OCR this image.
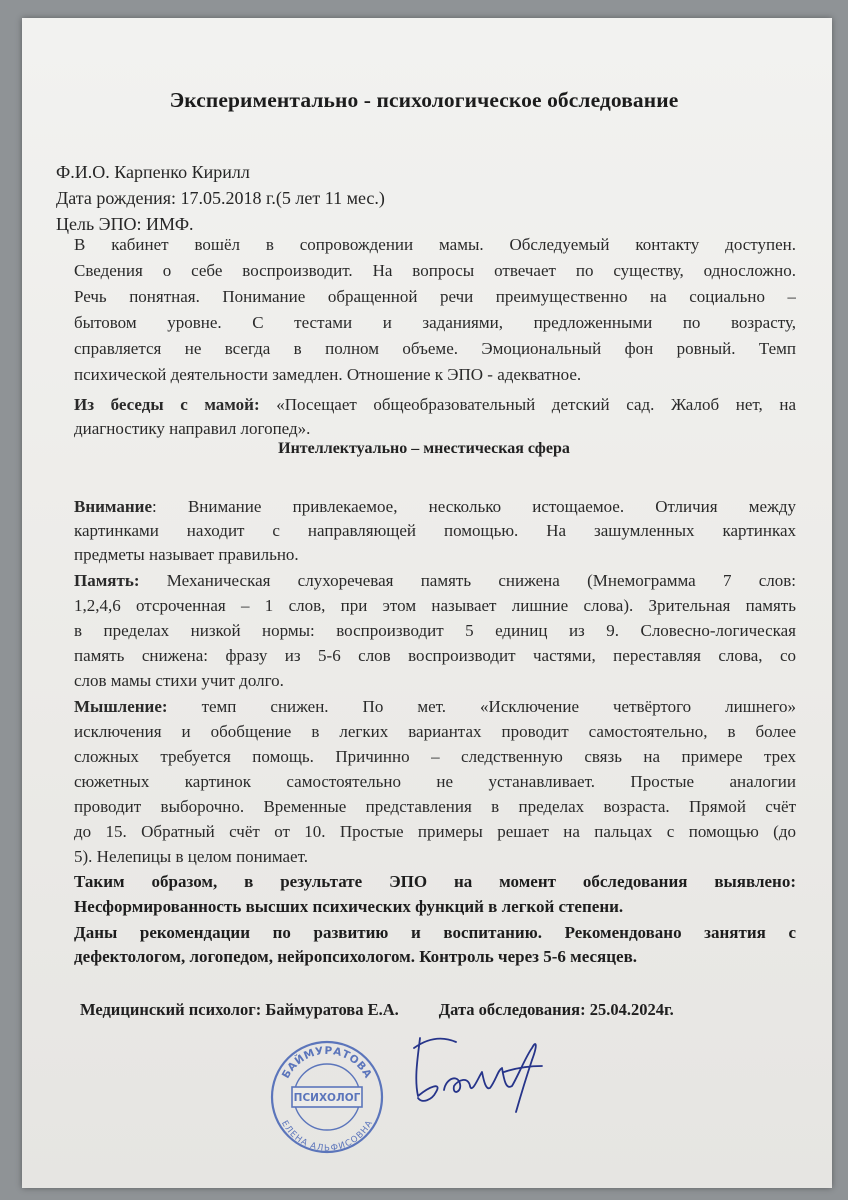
Экспериментально - психологическое обследование
Ф.И.О. Карпенко Кирилл
Дата рождения: 17.05.2018 г.(5 лет 11 мес.)
Цель ЭПО: ИМФ.
В кабинет вошёл в сопровождении мамы. Обследуемый контакту доступен.
Сведения о себе воспроизводит. На вопросы отвечает по существу, односложно.
Речь понятная. Понимание обращенной речи преимущественно на социально –
бытовом уровне. С тестами и заданиями, предложенными по возрасту,
справляется не всегда в полном объеме. Эмоциональный фон ровный. Темп
психической деятельности замедлен. Отношение к ЭПО - адекватное.
Из беседы с мамой: «Посещает общеобразовательный детский сад. Жалоб нет, на
диагностику направил логопед».
Внимание: Внимание привлекаемое, несколько истощаемое. Отличия между
картинками находит с направляющей помощью. На зашумленных картинках
предметы называет правильно.
Память: Механическая слухоречевая память снижена (Мнемограмма 7 слов:
1,2,4,6 отсроченная – 1 слов, при этом называет лишние слова). Зрительная память
в пределах низкой нормы: воспроизводит 5 единиц из 9. Словесно-логическая
память снижена: фразу из 5-6 слов воспроизводит частями, переставляя слова, со
слов мамы стихи учит долго.
Мышление: темп снижен. По мет. «Исключение четвёртого лишнего»
исключения и обобщение в легких вариантах проводит самостоятельно, в более
сложных требуется помощь. Причинно – следственную связь на примере трех
сюжетных картинок самостоятельно не устанавливает. Простые аналогии
проводит выборочно. Временные представления в пределах возраста. Прямой счёт
до 15. Обратный счёт от 10. Простые примеры решает на пальцах с помощью (до
5). Нелепицы в целом понимает.
Таким образом, в результате ЭПО на момент обследования выявлено:
Несформированность высших психических функций в легкой степени.
Даны рекомендации по развитию и воспитанию. Рекомендовано занятия с
дефектологом, логопедом, нейропсихологом. Контроль через 5-6 месяцев.
Интеллектуально – мнестическая сфера
Медицинский психолог: Баймуратова Е.А. Дата обследования: 25.04.2024г.
БАЙМУРАТОВА
ПСИХОЛОГ
ЕЛЕНА АЛЬФИСОВНА
